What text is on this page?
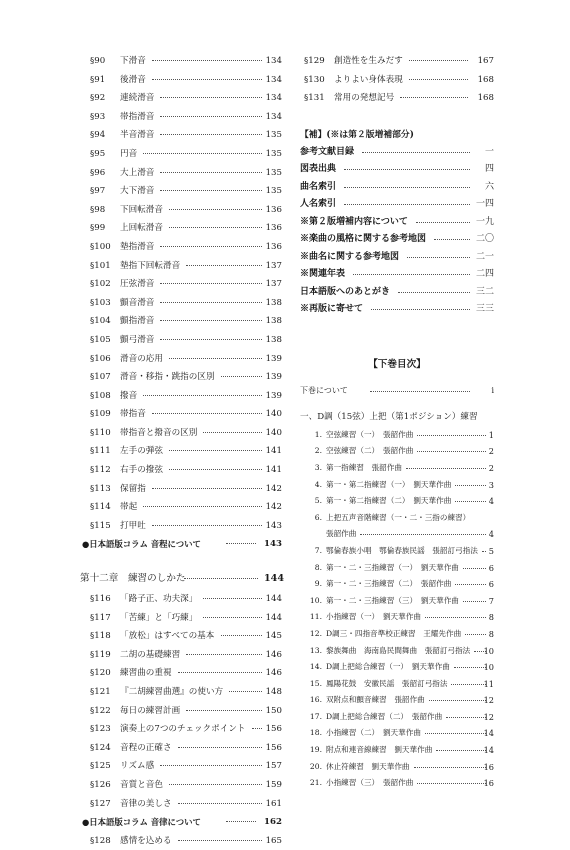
§90 下滑音	134
§91 後滑音	134
§92 連続滑音	134
§93 帯指滑音	134
§94 半音滑音	135
§95 円音	135
§96 大上滑音	135
§97 大下滑音	135
§98 下回転滑音	136
§99 上回転滑音	136
§100 墊指滑音	136
§101 墊指下回転滑音	137
§102 圧弦滑音	137
§103 顫音滑音	138
§104 顫指滑音	138
§105 顫弓滑音	138
§106 滑音の応用	139
§107 滑音・移指・跳指の区別	139
§108 撥音	139
§109 帯指音	140
§110 帯指音と撥音の区別	140
§111 左手の弾弦	141
§112 右手の撥弦	141
§113 保留指	142
§114 帯起	142
§115 打甲吐	143
●日本語版コラム 音程について	143
第十二章　練習のしかた	144
§116 「路子正、功夫深」	144
§117 「苦練」と「巧練」	144
§118 「放松」はすべての基本	145
§119 二胡の基礎練習	146
§120 練習曲の重視	146
§121 『二胡練習曲選』の使い方	148
§122 毎日の練習計画	150
§123 演奏上の7つのチェックポイント 156
§124 音程の正確さ	156
§125 リズム感	157
§126 音質と音色	159
§127 音律の美しさ	161
●日本語版コラム 音律について	162
§128 感情を込める	165
§129 創造性を生みだす	167
§130 よりよい身体表現	168
§131 常用の発想記号	168
【補】(※は第２版増補部分)
参考文献目録	一
図表出典	四
曲名索引	六
人名索引	一四
※第２版増補内容について	一九
※楽曲の風格に関する参考地図	二〇
※曲名に関する参考地図	二一
※関連年表	二四
日本語版へのあとがき	三二
※再版に寄せて	三三
【下巻目次】
下巻について	i
一、D調（15弦）上把（第1ポジション）練習
1. 空弦練習（一）　張韶作曲	1
2. 空弦練習（二）　張韶作曲	2
3. 第一指練習　張韶作曲	2
4. 第一・第二指練習（一）　劉天華作曲	3
5. 第一・第二指練習（二）　劉天華作曲	4
6. 上把五声音階練習（一・二・三指の練習）
張韶作曲	4
7. 鄂倫春族小唱　鄂倫春族民謡　張韶訂弓指法 5
8. 第一・二・三指練習（一）　劉天華作曲	6
9. 第一・二・三指練習（二）　張韶作曲	6
10. 第一・二・三指練習（三）　劉天華作曲	7
11. 小指練習（一）　劉天華作曲	8
12. D調三・四指音準校正練習　王耀先作曲	8
13. 黎族舞曲　海南島民間舞曲　張韶訂弓指法 10
14. D調上把総合練習（一）　劉天華作曲	10
15. 鳳陽花鼓　安徽民謡　張韶訂弓指法	11
16. 双附点和顫音練習　張韶作曲	12
17. D調上把総合練習（二）　張韶作曲	12
18. 小指練習（二）　劉天華作曲	14
19. 附点和連音線練習　劉天華作曲	14
20. 休止符練習　劉天華作曲	16
21. 小指練習（三）　張韶作曲	16
